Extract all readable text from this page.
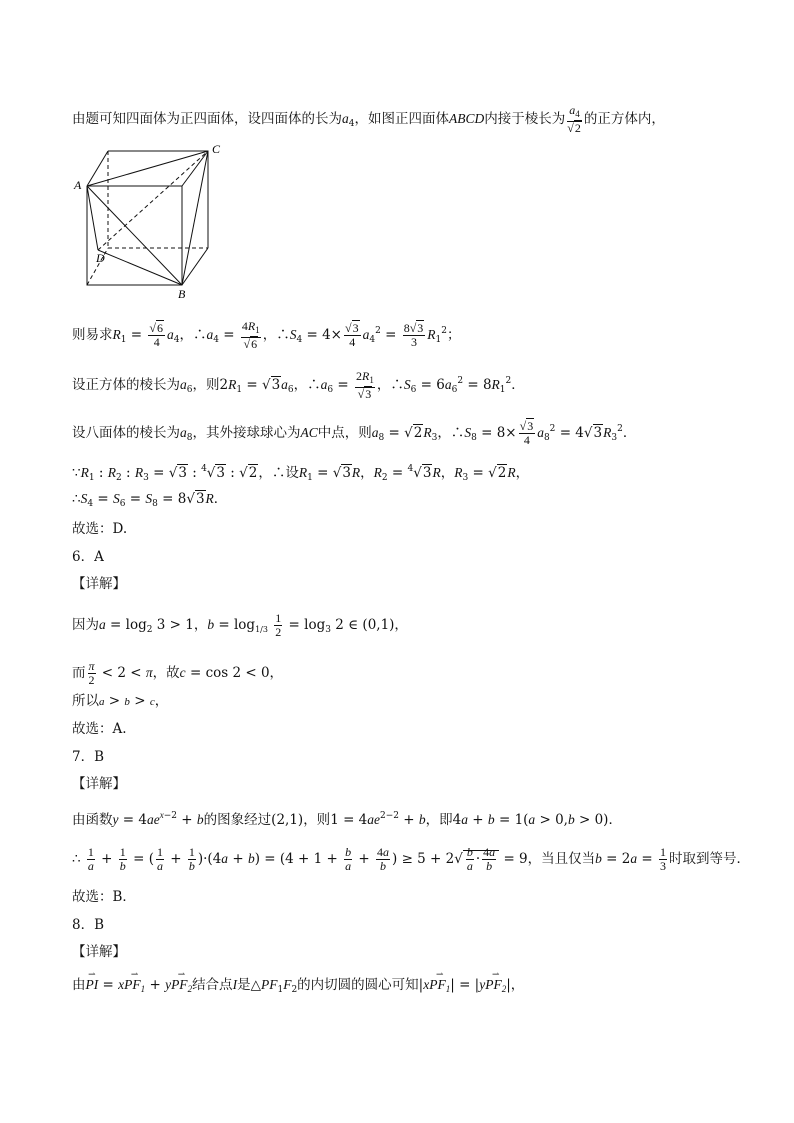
由题可知四面体为正四面体，设四面体的长为$a_4$，如图正四面体ABCD内接于棱长为 $\frac{a_4}{√2}$ 的正方体内，
A
C
D
B
则易求$R_1 = \frac{√6}{4} a_4$，$\therefore a_4 = \frac{4R_1}{√6}$ ，$\therefore S_4 = 4\times \frac{√3}{4} a_4^2 = \frac{8√3}{3} R_1^2$；
设正方体的棱长为$a_6$，则$2R_1 = √3a_6$，$\therefore a_6 = \frac{2R_1}{√3}$ ，$\therefore S_6 = 6a_6^2 = 8R_1^2$．
设八面体的棱长为$a_8$，其外接球球心为AC中点，则$a_8 = √2R_3$，$\therefore S_8 = 8\times \frac{√3}{4} a_8^2 = 4√3R_3^2$．
$\because R_1$ : $R_2$ : $R_3 = √3$ : $^4$√3 : √2，∴设$R_1 = √3R$，$R_2 = ^4√3R$，$R_3 = √2R$，
$\therefore S_4 = S_6 = S_8 = 8√3R$．
故选：D.
6．A
【详解】
因为$a = \log_2 3 > 1$，$b = \log_{1/3} \frac{1}{2} = \log_3 2$ ∈ (0,1)，
而 $\frac{\pi}{2} < 2 < \pi$，故c = cos 2 < 0，
所以a > b > c，
故选：A.
7．B
【详解】
由函数$y = 4ae^{x-2} + b$的图象经过(2,1)，则$1 = 4ae^{2-2} + b$，即4a + b = 1(a > 0,b > 0)．
∴ $\frac{1}{a} + \frac{1}{b}$ = ( $\frac{1}{a} + \frac{1}{b} )\cdot(4a + b) = (4 + 1 + \frac{b}{a} + \frac{4a}{b}$ ) ≥ $5 + 2√ \frac{b}{a} \cdot \frac{4a}{b} = 9$，当且仅当$b = 2a = \frac{1}{3}$ 时取到等号．
故选：B．
8．B
【详解】
由⇀ PI = x⇀ $PF_1$ + y⇀ $PF_2$结合点I是$\triangle PF_1F_2$的内切圆的圆心可知|x⇀ $PF_1|$ = |y⇀ $PF_2|$，
